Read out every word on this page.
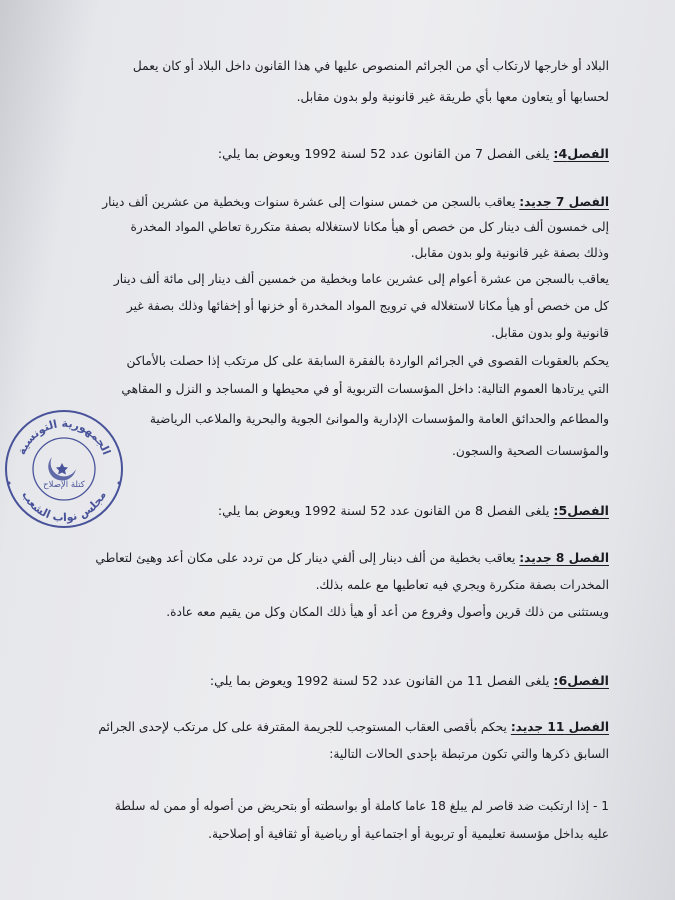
البلاد أو خارجها لارتكاب أي من الجرائم المنصوص عليها في هذا القانون داخل البلاد أو كان يعمل
لحسابها أو يتعاون معها بأي طريقة غير قانونية ولو بدون مقابل.
الفصل4: يلغى الفصل 7 من القانون عدد 52 لسنة 1992 ويعوض بما يلي:
الفصل 7 جديد: يعاقب بالسجن من خمس سنوات إلى عشرة سنوات وبخطية من عشرين ألف دينار
إلى خمسون ألف دينار كل من خصص أو هيأ مكانا لاستغلاله بصفة متكررة تعاطي المواد المخدرة
وذلك بصفة غير قانونية ولو بدون مقابل.
يعاقب بالسجن من عشرة أعوام إلى عشرين عاما وبخطية من خمسين ألف دينار إلى مائة ألف دينار
كل من خصص أو هيأ مكانا لاستغلاله في ترويج المواد المخدرة أو خزنها أو إخفائها وذلك بصفة غير
قانونية ولو بدون مقابل.
يحكم بالعقوبات القصوى في الجرائم الواردة بالفقرة السابقة على كل مرتكب إذا حصلت بالأماكن
التي يرتادها العموم التالية: داخل المؤسسات التربوية أو في محيطها و المساجد و النزل و المقاهي
والمطاعم والحدائق العامة والمؤسسات الإدارية والموانئ الجوية والبحرية والملاعب الرياضية
والمؤسسات الصحية والسجون.
الفصل5: يلغى الفصل 8 من القانون عدد 52 لسنة 1992 ويعوض بما يلي:
الفصل 8 جديد: يعاقب بخطية من ألف دينار إلى ألفي دينار كل من تردد على مكان أعد وهيئ لتعاطي
المخدرات بصفة متكررة ويجري فيه تعاطيها مع علمه بذلك.
ويستثنى من ذلك قرين وأصول وفروع من أعد أو هيأ ذلك المكان وكل من يقيم معه عادة.
الفصل6: يلغى الفصل 11 من القانون عدد 52 لسنة 1992 ويعوض بما يلي:
الفصل 11 جديد: يحكم بأقصى العقاب المستوجب للجريمة المقترفة على كل مرتكب لإحدى الجرائم
السابق ذكرها والتي تكون مرتبطة بإحدى الحالات التالية:
1 - إذا ارتكبت ضد قاصر لم يبلغ 18 عاما كاملة أو بواسطته أو بتحريض من أصوله أو ممن له سلطة
عليه بداخل مؤسسة تعليمية أو تربوية أو اجتماعية أو رياضية أو ثقافية أو إصلاحية.
الجمهورية التونسية
مجلس نواب الشعب
كتلة الإصلاح
